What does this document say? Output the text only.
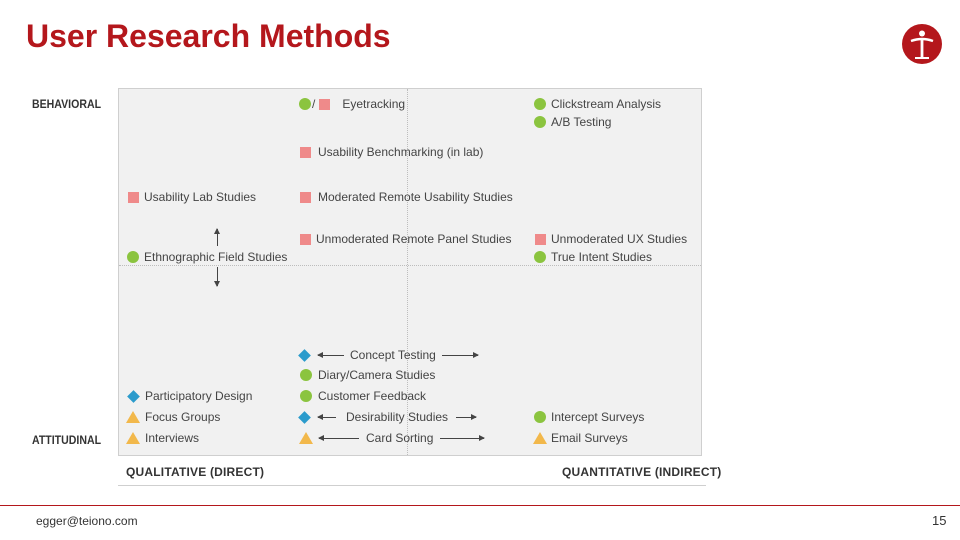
User Research Methods
BEHAVIORAL
ATTITUDINAL
QUALITATIVE (DIRECT)	QUANTITATIVE (INDIRECT)
Usability Lab Studies
Ethnographic Field Studies
Participatory Design
Focus Groups
Interviews
/ Eyetracking
Usability Benchmarking (in lab)
Moderated Remote Usability Studies
Unmoderated Remote Panel Studies
Concept Testing
Diary/Camera Studies
Customer Feedback
Desirability Studies
Card Sorting
Clickstream Analysis
A/B Testing
Unmoderated UX Studies
True Intent Studies
Intercept Surveys
Email Surveys
egger@teiono.com	15
